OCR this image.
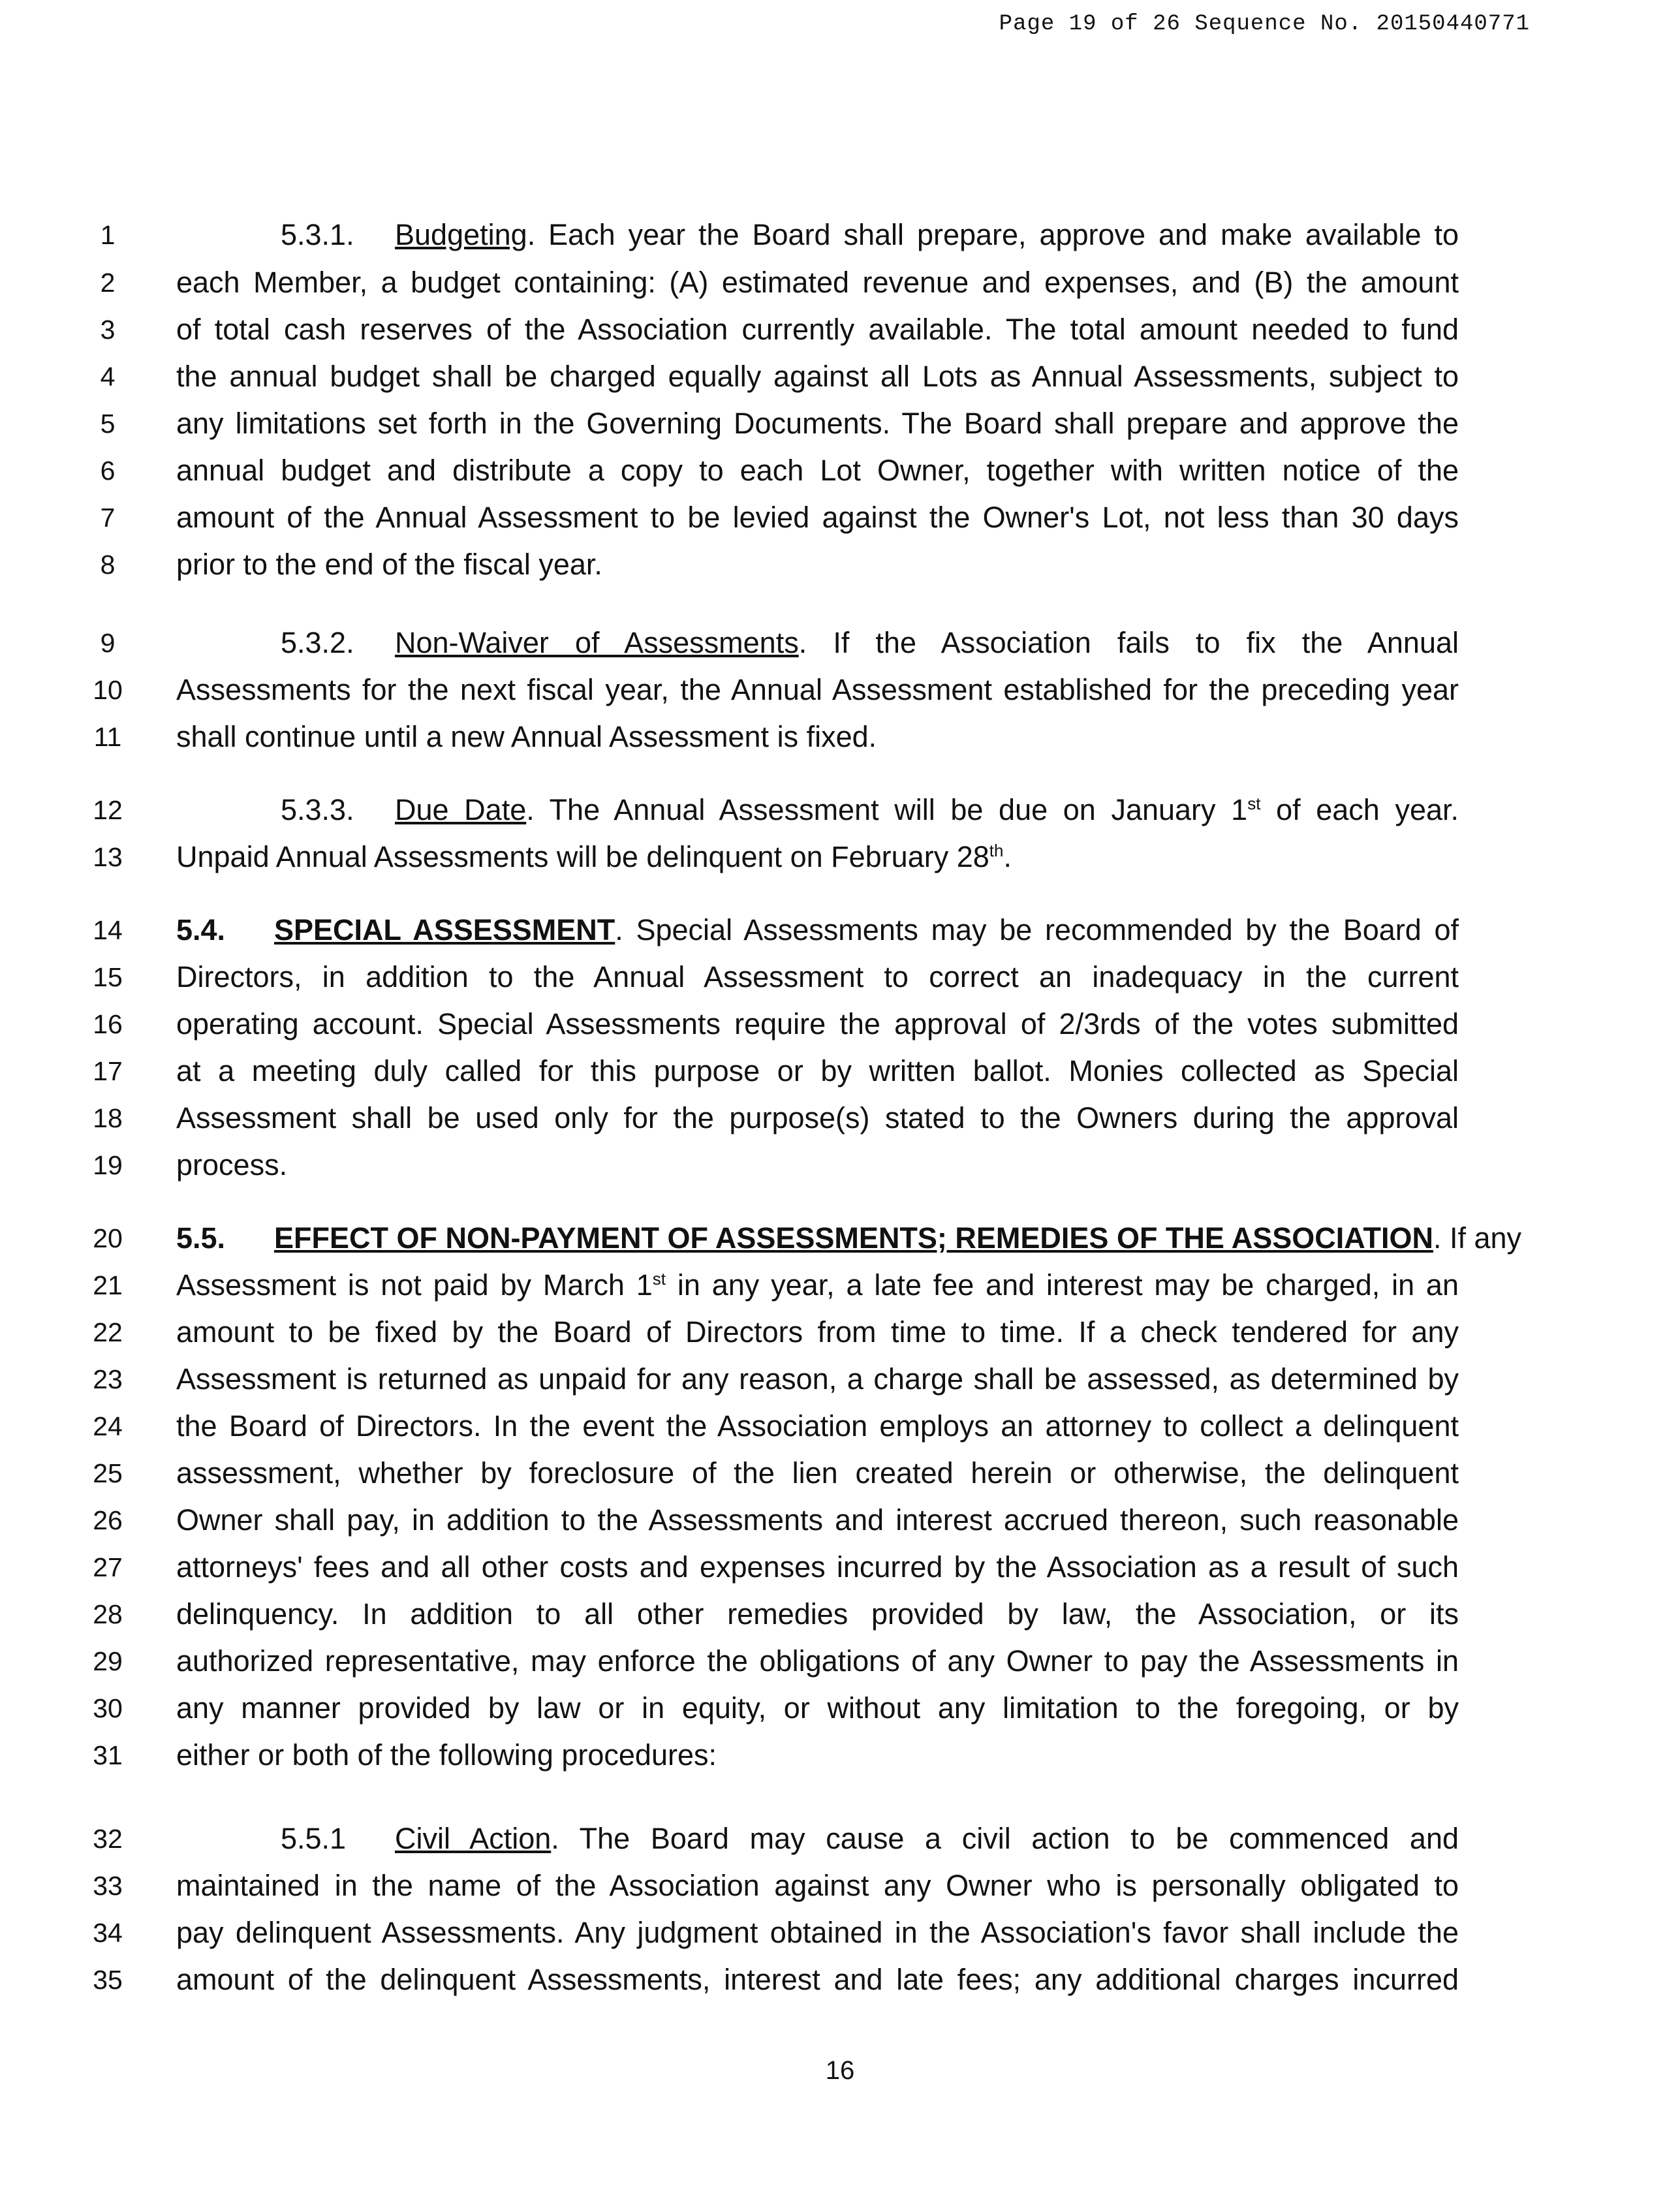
Page 19 of 26 Sequence No. 20150440771
1	5.3.1. Budgeting. Each year the Board shall prepare, approve and make available to
2	each Member, a budget containing: (A) estimated revenue and expenses, and (B) the amount
3	of total cash reserves of the Association currently available. The total amount needed to fund
4	the annual budget shall be charged equally against all Lots as Annual Assessments, subject to
5	any limitations set forth in the Governing Documents. The Board shall prepare and approve the
6	annual budget and distribute a copy to each Lot Owner, together with written notice of the
7	amount of the Annual Assessment to be levied against the Owner's Lot, not less than 30 days
8	prior to the end of the fiscal year.
9	5.3.2. Non-Waiver of Assessments. If the Association fails to fix the Annual
10	Assessments for the next fiscal year, the Annual Assessment established for the preceding year
11	shall continue until a new Annual Assessment is fixed.
12	5.3.3. Due Date. The Annual Assessment will be due on January 1st of each year.
13	Unpaid Annual Assessments will be delinquent on February 28th.
14	5.4. SPECIAL ASSESSMENT. Special Assessments may be recommended by the Board of
15	Directors, in addition to the Annual Assessment to correct an inadequacy in the current
16	operating account. Special Assessments require the approval of 2/3rds of the votes submitted
17	at a meeting duly called for this purpose or by written ballot. Monies collected as Special
18	Assessment shall be used only for the purpose(s) stated to the Owners during the approval
19	process.
20	5.5. EFFECT OF NON-PAYMENT OF ASSESSMENTS; REMEDIES OF THE ASSOCIATION. If any
21	Assessment is not paid by March 1st in any year, a late fee and interest may be charged, in an
22	amount to be fixed by the Board of Directors from time to time. If a check tendered for any
23	Assessment is returned as unpaid for any reason, a charge shall be assessed, as determined by
24	the Board of Directors. In the event the Association employs an attorney to collect a delinquent
25	assessment, whether by foreclosure of the lien created herein or otherwise, the delinquent
26	Owner shall pay, in addition to the Assessments and interest accrued thereon, such reasonable
27	attorneys' fees and all other costs and expenses incurred by the Association as a result of such
28	delinquency. In addition to all other remedies provided by law, the Association, or its
29	authorized representative, may enforce the obligations of any Owner to pay the Assessments in
30	any manner provided by law or in equity, or without any limitation to the foregoing, or by
31	either or both of the following procedures:
32	5.5.1 Civil Action. The Board may cause a civil action to be commenced and
33	maintained in the name of the Association against any Owner who is personally obligated to
34	pay delinquent Assessments. Any judgment obtained in the Association's favor shall include the
35	amount of the delinquent Assessments, interest and late fees; any additional charges incurred
16
